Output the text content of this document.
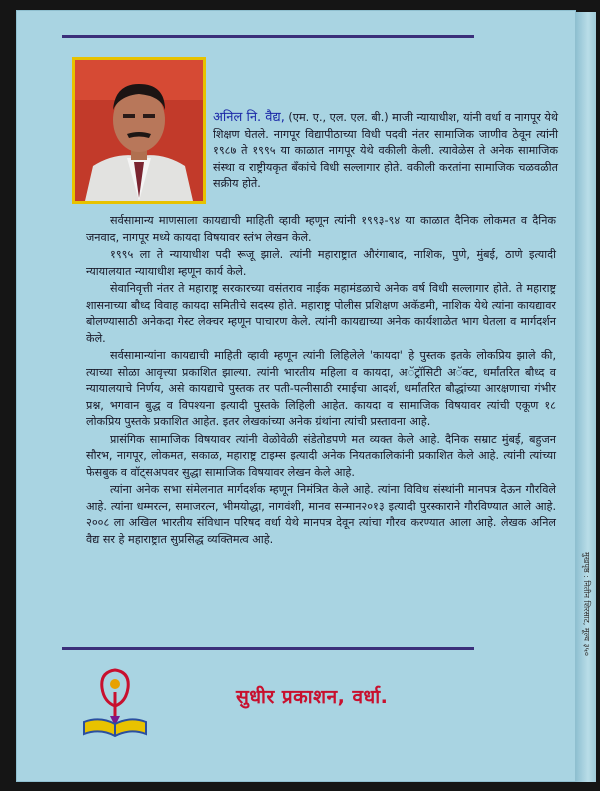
मुखपृष्ठ : नितीन शिरसाट, मूल्य ३५०
अनिल नि. वैद्य, (एम. ए., एल. एल. बी.) माजी न्यायाधीश, यांनी वर्धा व नागपूर येथे शिक्षण घेतले. नागपूर विद्यापीठाच्या विधी पदवी नंतर सामाजिक जाणीव ठेवून त्यांनी १९८७ ते १९९५ या काळात नागपूर येथे वकीली केली. त्यावेळेस ते अनेक सामाजिक संस्था व राष्ट्रीयकृत बँकांचे विधी सल्लागार होते. वकीली करतांना सामाजिक चळवळीत सक्रीय होते.

सर्वसामान्य माणसाला कायद्याची माहिती व्हावी म्हणून त्यांनी १९९३-९४ या काळात दैनिक लोकमत व दैनिक जनवाद, नागपूर मध्ये कायदा विषयावर स्तंभ लेखन केले.

१९९५ ला ते न्यायाधीश पदी रूजू झाले. त्यांनी महाराष्ट्रात औरंगाबाद, नाशिक, पुणे, मुंबई, ठाणे इत्यादी न्यायालयात न्यायाधीश म्हणून कार्य केले.

सेवानिवृत्ती नंतर ते महाराष्ट्र सरकारच्या वसंतराव नाईक महामंडळाचे अनेक वर्ष विधी सल्लागार होते. ते महाराष्ट्र शासनाच्या बौध्द विवाह कायदा समितीचे सदस्य होते. महाराष्ट्र पोलीस प्रशिक्षण अकॅडमी, नाशिक येथे त्यांना कायद्यावर बोलण्यासाठी अनेकदा गेस्ट लेक्चर म्हणून पाचारण केले. त्यांनी कायद्याच्या अनेक कार्यशाळेत भाग घेतला व मार्गदर्शन केले.

सर्वसामान्यांना कायद्याची माहिती व्हावी म्हणून त्यांनी लिहिलेले 'कायदा' हे पुस्तक इतके लोकप्रिय झाले की, त्याच्या सोळा आवृत्त्या प्रकाशित झाल्या. त्यांनी भारतीय महिला व कायदा, अॅट्रॉसिटी अॅक्ट, धर्मांतरित बौध्द व न्यायालयाचे निर्णय, असे कायद्याचे पुस्तक तर पती-पत्नीसाठी रमाईचा आदर्श, धर्मांतरित बौद्धांच्या आरक्षणाचा गंभीर प्रश्न, भगवान बुद्ध व विपश्यना इत्यादी पुस्तके लिहिली आहेत. कायदा व सामाजिक विषयावर त्यांची एकूण १८ लोकप्रिय पुस्तके प्रकाशित आहेत. इतर लेखकांच्या अनेक ग्रंथांना त्यांची प्रस्तावना आहे.

प्रासंगिक सामाजिक विषयावर त्यांनी वेळोवेळी संडेतोडपणे मत व्यक्त केले आहे. दैनिक सम्राट मुंबई, बहुजन सौरभ, नागपूर, लोकमत, सकाळ, महाराष्ट्र टाइम्स इत्यादी अनेक नियतकालिकांनी प्रकाशित केले आहे. त्यांनी त्यांच्या फेसबुक व वॉट्सअपवर सुद्धा सामाजिक विषयावर लेखन केले आहे.

त्यांना अनेक सभा संमेलनात मार्गदर्शक म्हणून निमंत्रित केले आहे. त्यांना विविध संस्थांनी मानपत्र देऊन गौरविले आहे. त्यांना धम्मरत्न, समाजरत्न, भीमयोद्धा, नागवंशी, मानव सन्मान२०१३ इत्यादी पुरस्काराने गौरविण्यात आले आहे. २००८ ला अखिल भारतीय संविधान परिषद वर्धा येथे मानपत्र देवून त्यांचा गौरव करण्यात आला आहे. लेखक अनिल वैद्य सर हे महाराष्ट्रात सुप्रसिद्ध व्यक्तिमत्व आहे.

सुधीर प्रकाशन, वर्धा.
